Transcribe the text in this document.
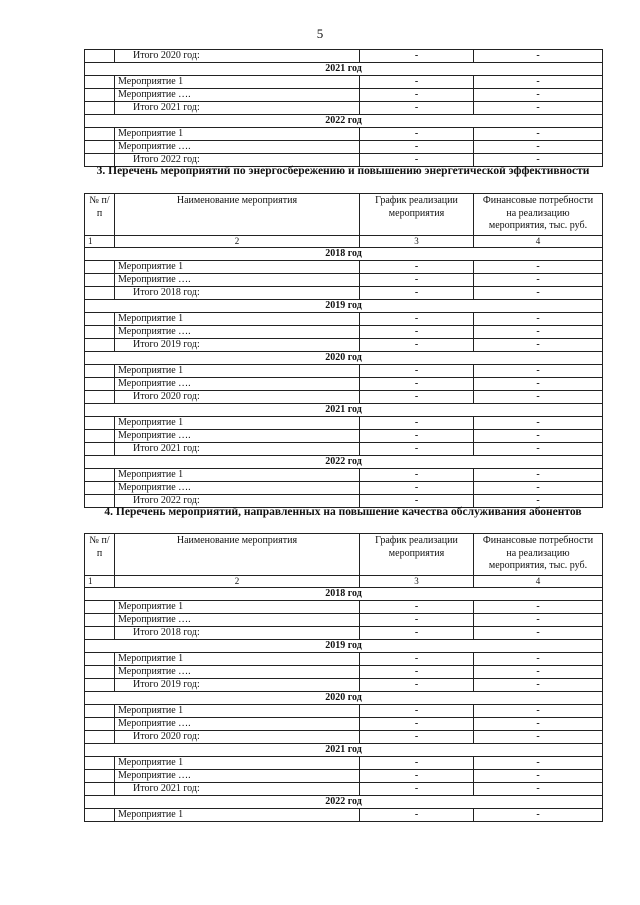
5
	Итого 2020 год:	-	-
2021 год			
	Мероприятие 1	-	-
	Мероприятие ….	-	-
	Итого 2021 год:	-	-
2022 год			
	Мероприятие 1	-	-
	Мероприятие ….	-	-
	Итого 2022 год:	-	-
3. Перечень мероприятий по энергосбережению и повышению энергетической эффективности
№ п/п	Наименование мероприятия	График реализации мероприятия	Финансовые потребности на реализацию мероприятия, тыс. руб.
1	2	3	4
2018 год			
	Мероприятие 1	-	-
	Мероприятие ….	-	-
	Итого 2018 год:	-	-
2019 год			
	Мероприятие 1	-	-
	Мероприятие ….	-	-
	Итого 2019 год:	-	-
2020 год			
	Мероприятие 1	-	-
	Мероприятие ….	-	-
	Итого 2020 год:	-	-
2021 год			
	Мероприятие 1	-	-
	Мероприятие ….	-	-
	Итого 2021 год:	-	-
2022 год			
	Мероприятие 1	-	-
	Мероприятие ….	-	-
	Итого 2022 год:	-	-
4. Перечень мероприятий, направленных на повышение качества обслуживания абонентов
№ п/п	Наименование мероприятия	График реализации мероприятия	Финансовые потребности на реализацию мероприятия, тыс. руб.
1	2	3	4
2018 год			
	Мероприятие 1	-	-
	Мероприятие ….	-	-
	Итого 2018 год:	-	-
2019 год			
	Мероприятие 1	-	-
	Мероприятие ….	-	-
	Итого 2019 год:	-	-
2020 год			
	Мероприятие 1	-	-
	Мероприятие ….	-	-
	Итого 2020 год:	-	-
2021 год			
	Мероприятие 1	-	-
	Мероприятие ….	-	-
	Итого 2021 год:	-	-
2022 год			
	Мероприятие 1	-	-
